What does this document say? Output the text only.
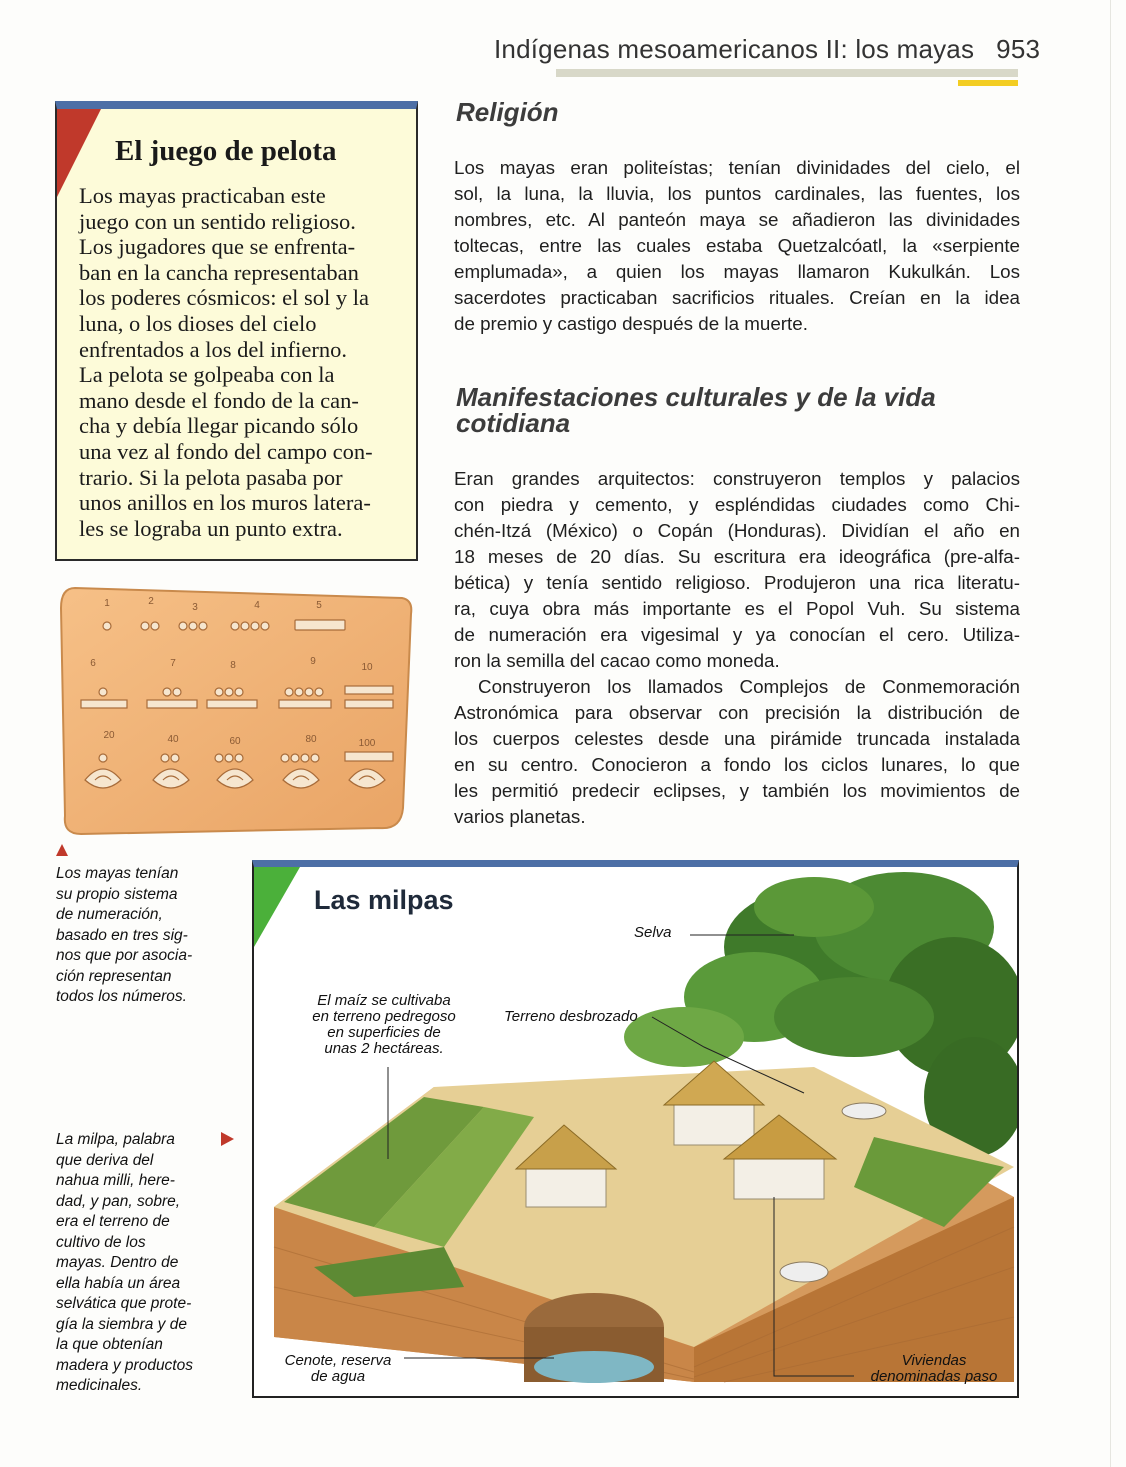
Indígenas mesoamericanos II: los mayas 953
El juego de pelota
Los mayas practicaban este
juego con un sentido religioso.
Los jugadores que se enfrenta-
ban en la cancha representaban
los poderes cósmicos: el sol y la
luna, o los dioses del cielo
enfrentados a los del infierno.
La pelota se golpeaba con la
mano desde el fondo de la can-
cha y debía llegar picando sólo
una vez al fondo del campo con-
trario. Si la pelota pasaba por
unos anillos en los muros latera-
les se lograba un punto extra.
1	2
3	4	5
6	7	8	9
10
20	40	60	80	100
Los mayas tenían
su propio sistema
de numeración,
basado en tres sig-
nos que por asocia-
ción representan
todos los números.
La milpa, palabra
que deriva del
nahua milli, here-
dad, y pan, sobre,
era el terreno de
cultivo de los
mayas. Dentro de
ella había un área
selvática que prote-
gía la siembra y de
la que obtenían
madera y productos
medicinales.
Religión
Los mayas eran politeístas; tenían divinidades del cielo, el
sol, la luna, la lluvia, los puntos cardinales, las fuentes, los
nombres, etc. Al panteón maya se añadieron las divinidades
toltecas, entre las cuales estaba Quetzalcóatl, la «serpiente
emplumada», a quien los mayas llamaron Kukulkán. Los
sacerdotes practicaban sacrificios rituales. Creían en la idea
de premio y castigo después de la muerte.
Manifestaciones culturales y de la vida
cotidiana
Eran grandes arquitectos: construyeron templos y palacios
con piedra y cemento, y espléndidas ciudades como Chi-
chén-Itzá (México) o Copán (Honduras). Dividían el año en
18 meses de 20 días. Su escritura era ideográfica (pre-alfa-
bética) y tenía sentido religioso. Produjeron una rica literatu-
ra, cuya obra más importante es el Popol Vuh. Su sistema
de numeración era vigesimal y ya conocían el cero. Utiliza-
ron la semilla del cacao como moneda.
Construyeron los llamados Complejos de Conmemoración
Astronómica para observar con precisión la distribución de
los cuerpos celestes desde una pirámide truncada instalada
en su centro. Conocieron a fondo los ciclos lunares, lo que
les permitió predecir eclipses, y también los movimientos de
varios planetas.
Las milpas
Selva
El maíz se cultivaba
en terreno pedregoso
en superficies de
unas 2 hectáreas.
Terreno desbrozado
Cenote, reserva
de agua
Viviendas
denominadas paso
